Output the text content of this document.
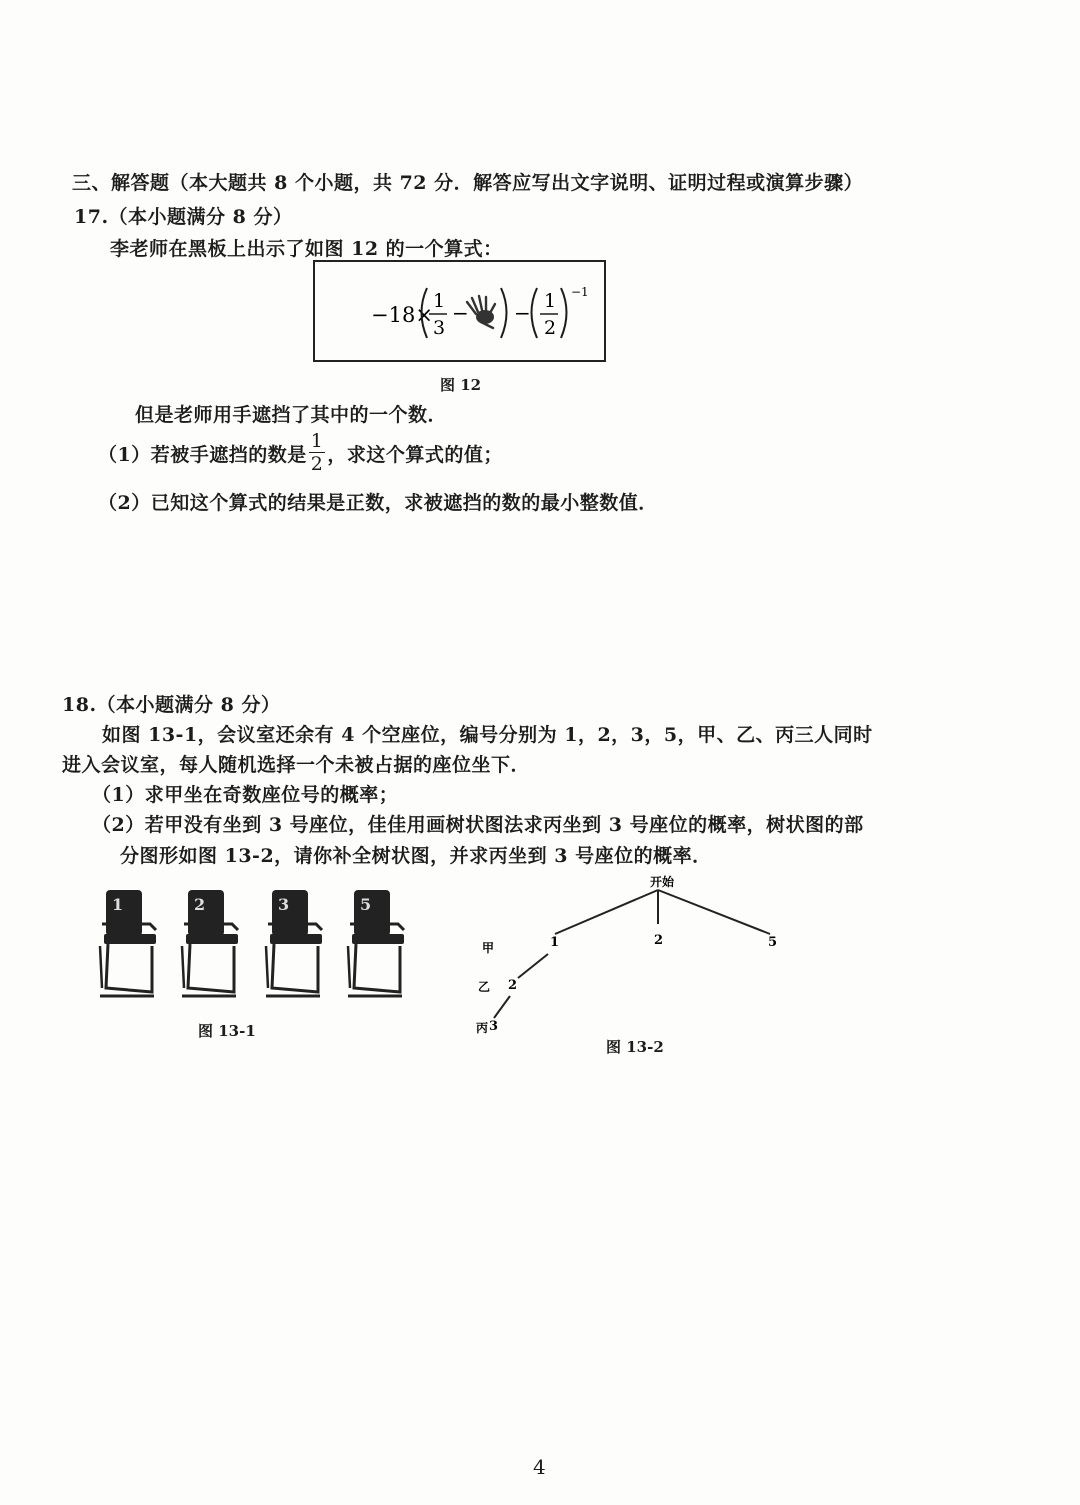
三、解答题（本大题共 8 个小题，共 72 分．解答应写出文字说明、证明过程或演算步骤）
17.（本小题满分 8 分）
李老师在黑板上出示了如图 12 的一个算式：
−18×
1
3
− − 1
2
−1
图 12
但是老师用手遮挡了其中的一个数．
（1）若被手遮挡的数是 $\frac{1}{2}$ ，求这个算式的值；
（2）已知这个算式的结果是正数，求被遮挡的数的最小整数值．
18.（本小题满分 8 分）
如图 13-1，会议室还余有 4 个空座位，编号分别为 1，2，3，5，甲、乙、丙三人同时
进入会议室，每人随机选择一个未被占据的座位坐下．
（1）求甲坐在奇数座位号的概率；
（2）若甲没有坐到 3 号座位，佳佳用画树状图法求丙坐到 3 号座位的概率，树状图的部
分图形如图 13-2，请你补全树状图，并求丙坐到 3 号座位的概率．
1	2	3	5
图 13-1
开始
甲	1	2	5
乙 2
丙 3
图 13-2
4
